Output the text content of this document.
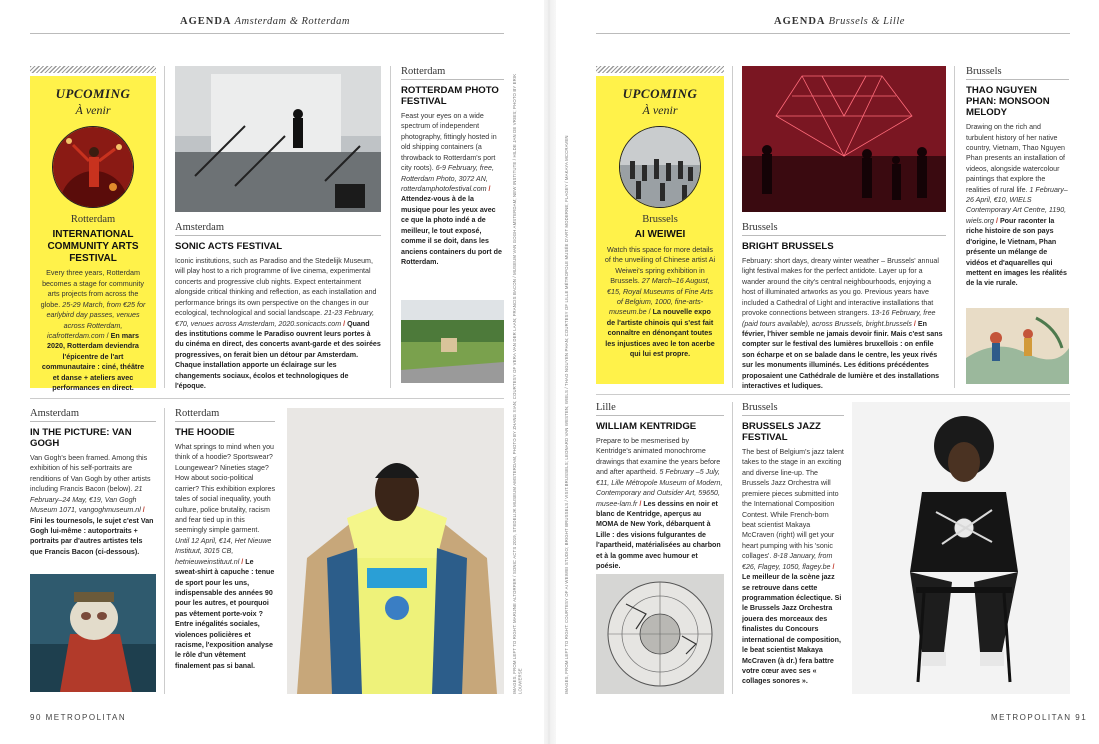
AGENDA Amsterdam & Rotterdam
UPCOMING
À venir
Rotterdam
INTERNATIONAL COMMUNITY ARTS FESTIVAL
Every three years, Rotterdam becomes a stage for community arts projects from across the globe. 25-29 March, from €25 for earlybird day passes, venues across Rotterdam, icafrotterdam.com / En mars 2020, Rotterdam deviendra l'épicentre de l'art communautaire : ciné, théâtre et danse + ateliers avec performances en direct.
Rotterdam
ROTTERDAM PHOTO FESTIVAL
Feast your eyes on a wide spectrum of independent photography, fittingly hosted in old shipping containers (a throwback to Rotterdam's port city roots). 6-9 February, free, Rotterdam Photo, 3072 AN, rotterdamphotofestival.com / Attendez-vous à de la musique pour les yeux avec ce que la photo indé a de meilleur, le tout exposé, comme il se doit, dans les anciens containers du port de Rotterdam.
Amsterdam
SONIC ACTS FESTIVAL
Iconic institutions, such as Paradiso and the Stedelijk Museum, will play host to a rich programme of live cinema, experimental concerts and progressive club nights. Expect entertainment alongside critical thinking and reflection, as each installation and performance brings its own perspective on the changes in our ecological, technological and social landscape. 21-23 February, €70, venues across Amsterdam, 2020.sonicacts.com / Quand des institutions comme le Paradiso ouvrent leurs portes à du cinéma en direct, des concerts avant-garde et des soirées progressives, on ferait bien un détour par Amsterdam. Chaque installation apporte un éclairage sur les changements sociaux, écolos et technologiques de l'époque.
Amsterdam
IN THE PICTURE: VAN GOGH
Van Gogh's been framed. Among this exhibition of his self-portraits are renditions of Van Gogh by other artists including Francis Bacon (below). 21 February–24 May, €19, Van Gogh Museum 1071, vangoghmuseum.nl / Fini les tournesols, le sujet c'est Van Gogh lui-même : autoportraits + portraits par d'autres artistes tels que Francis Bacon (ci-dessous).
Rotterdam
THE HOODIE
What springs to mind when you think of a hoodie? Sportswear? Loungewear? Nineties stage? How about socio-political carrier? This exhibition explores tales of social inequality, youth culture, police brutality, racism and fear tied up in this seemingly simple garment. Until 12 April, €14, Het Nieuwe Instituut, 3015 CB, hetnieuweinstituut.nl / Le sweat-shirt à capuche : tenue de sport pour les uns, indispensable des années 90 pour les autres, et pourquoi pas vêtement porte-voix ? Entre inégalités sociales, violences policières et racisme, l'exposition analyse le rôle d'un vêtement finalement pas si banal.	IMAGES, FROM LEFT TO RIGHT: MARIJNE ALTORFER / SONIC ACTS 2019, STEDELIJK MUSEUM AMSTERDAM, PHOTO BY ZHANG XIAN; COURTESY OF VERA VAN DER LAAN; FRANCIS BACON / MUSEUM VAN GOGH AMSTERDAM; NEW INSTITUTE / HILDE JAN DE VRIES; PHOTO BY ERIK LOUWERSE
90 METROPOLITAN
AGENDA Brussels & Lille
IMAGES, FROM LEFT TO RIGHT: COURTESY OF AI WEIWEI STUDIO; BRIGHT BRUSSELS / VISIT.BRUSSELS; LEONARD VAN WESTEN; WIELS / THAO NGUYEN PHAN; COURTESY OF LILLE MÉTROPOLE MUSÉE D'ART MODERNE; FLAGEY / MAKAYA MCCRAVEN
UPCOMING
À venir
Brussels
AI WEIWEI
Watch this space for more details of the unveiling of Chinese artist Ai Weiwei's spring exhibition in Brussels. 27 March–16 August, €15, Royal Museums of Fine Arts of Belgium, 1000, fine-arts-museum.be / La nouvelle expo de l'artiste chinois qui s'est fait connaître en dénonçant toutes les injustices avec le ton acerbe qui lui est propre.
Brussels
THAO NGUYEN PHAN: MONSOON MELODY
Drawing on the rich and turbulent history of her native country, Vietnam, Thao Nguyen Phan presents an installation of videos, alongside watercolour paintings that explore the realities of rural life. 1 February–26 April, €10, WIELS Contemporary Art Centre, 1190, wiels.org / Pour raconter la riche histoire de son pays d'origine, le Vietnam, Phan présente un mélange de vidéos et d'aquarelles qui mettent en images les réalités de la vie rurale.
Brussels
BRIGHT BRUSSELS
February: short days, dreary winter weather – Brussels' annual light festival makes for the perfect antidote. Layer up for a wander around the city's central neighbourhoods, enjoying a host of illuminated artworks as you go. Previous years have included a Cathedral of Light and interactive installations that provoke connections between strangers. 13-16 February, free (paid tours available), across Brussels, bright.brussels / En février, l'hiver semble ne jamais devoir finir. Mais c'est sans compter sur le festival des lumières bruxellois : on enfile son écharpe et on se balade dans le centre, les yeux rivés sur les monuments illuminés. Les éditions précédentes proposaient une Cathédrale de lumière et des installations interactives et ludiques.
Lille
WILLIAM KENTRIDGE
Prepare to be mesmerised by Kentridge's animated monochrome drawings that examine the years before and after apartheid. 5 February –5 July, €11, Lille Métropole Museum of Modern, Contemporary and Outsider Art, 59650, musee-lam.fr / Les dessins en noir et blanc de Kentridge, aperçus au MOMA de New York, débarquent à Lille : des visions fulgurantes de l'apartheid, matérialisées au charbon et à la gomme avec humour et poésie.
Brussels
BRUSSELS JAZZ FESTIVAL
The best of Belgium's jazz talent takes to the stage in an exciting and diverse line-up. The Brussels Jazz Orchestra will premiere pieces submitted into the International Composition Contest. While French-born beat scientist Makaya McCraven (right) will get your heart pumping with his 'sonic collages'. 8-18 January, from €26, Flagey, 1050, flagey.be / Le meilleur de la scène jazz se retrouve dans cette programmation éclectique. Si le Brussels Jazz Orchestra jouera des morceaux des finalistes du Concours international de composition, le beat scientist Makaya McCraven (à dr.) fera battre votre cœur avec ses « collages sonores ».
METROPOLITAN 91
